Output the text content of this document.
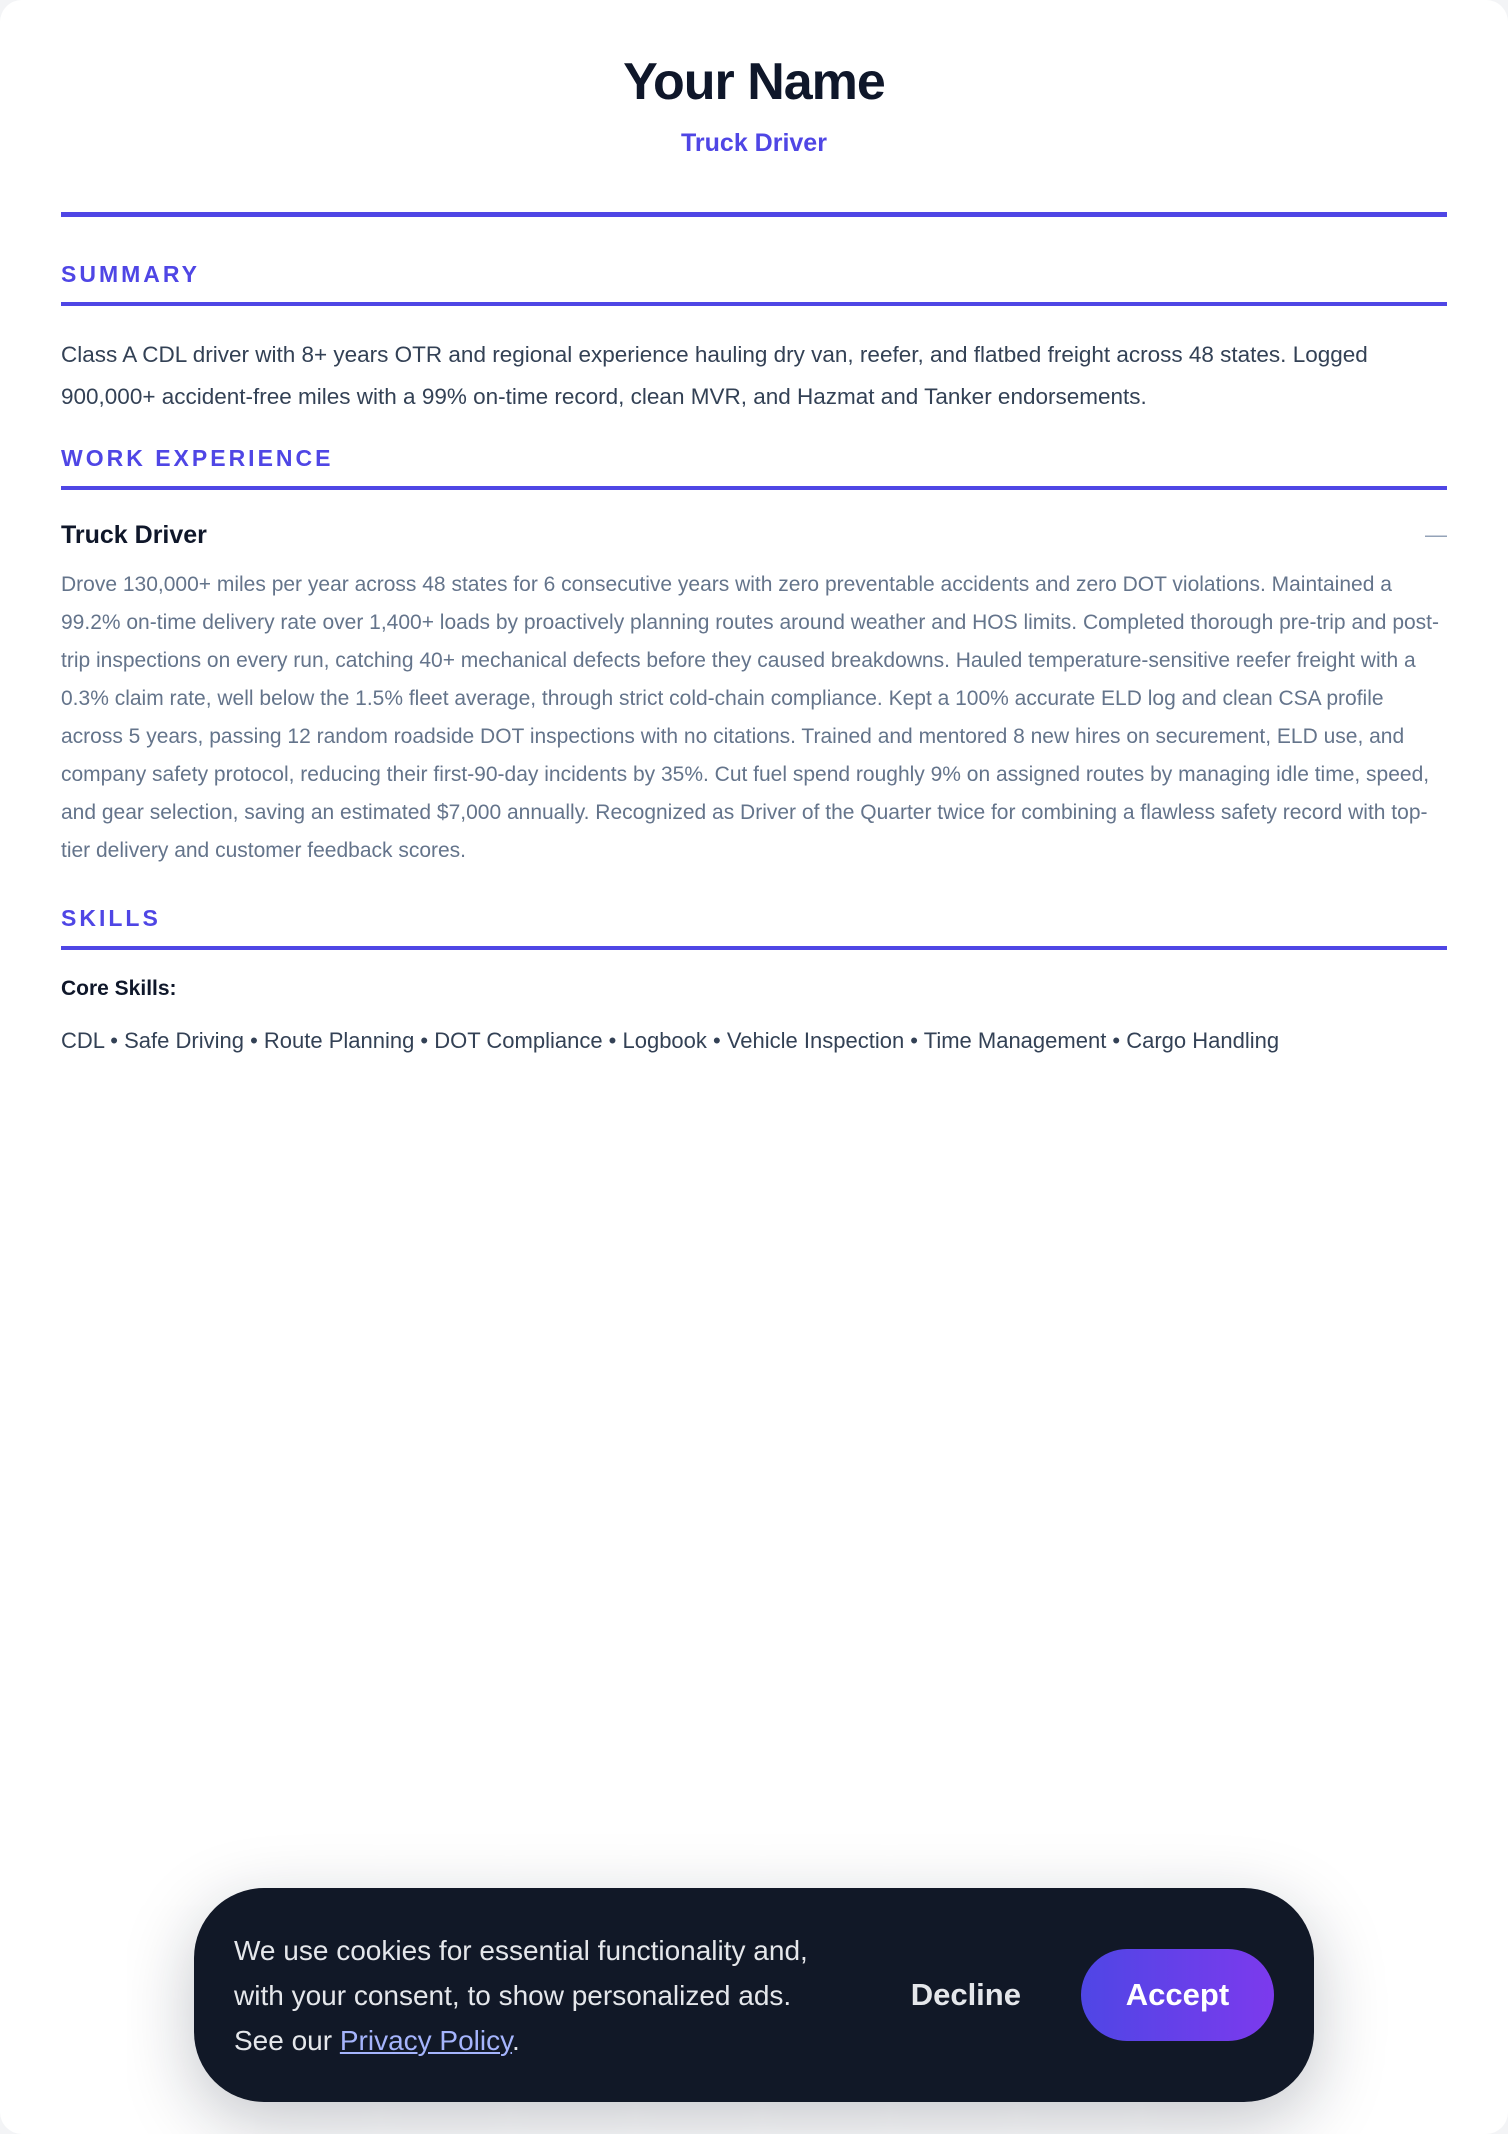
Your Name
Truck Driver
SUMMARY
Class A CDL driver with 8+ years OTR and regional experience hauling dry van, reefer, and flatbed freight across 48 states. Logged 900,000+ accident-free miles with a 99% on-time record, clean MVR, and Hazmat and Tanker endorsements.
WORK EXPERIENCE
Truck Driver	—
Drove 130,000+ miles per year across 48 states for 6 consecutive years with zero preventable accidents and zero DOT violations. Maintained a 99.2% on-time delivery rate over 1,400+ loads by proactively planning routes around weather and HOS limits. Completed thorough pre-trip and post-trip inspections on every run, catching 40+ mechanical defects before they caused breakdowns. Hauled temperature-sensitive reefer freight with a 0.3% claim rate, well below the 1.5% fleet average, through strict cold-chain compliance. Kept a 100% accurate ELD log and clean CSA profile across 5 years, passing 12 random roadside DOT inspections with no citations. Trained and mentored 8 new hires on securement, ELD use, and company safety protocol, reducing their first-90-day incidents by 35%. Cut fuel spend roughly 9% on assigned routes by managing idle time, speed, and gear selection, saving an estimated $7,000 annually. Recognized as Driver of the Quarter twice for combining a flawless safety record with top-tier delivery and customer feedback scores.
SKILLS
Core Skills:
CDL • Safe Driving • Route Planning • DOT Compliance • Logbook • Vehicle Inspection • Time Management • Cargo Handling
We use cookies for essential functionality and, with your consent, to show personalized ads. See our Privacy Policy.
Decline	Accept
